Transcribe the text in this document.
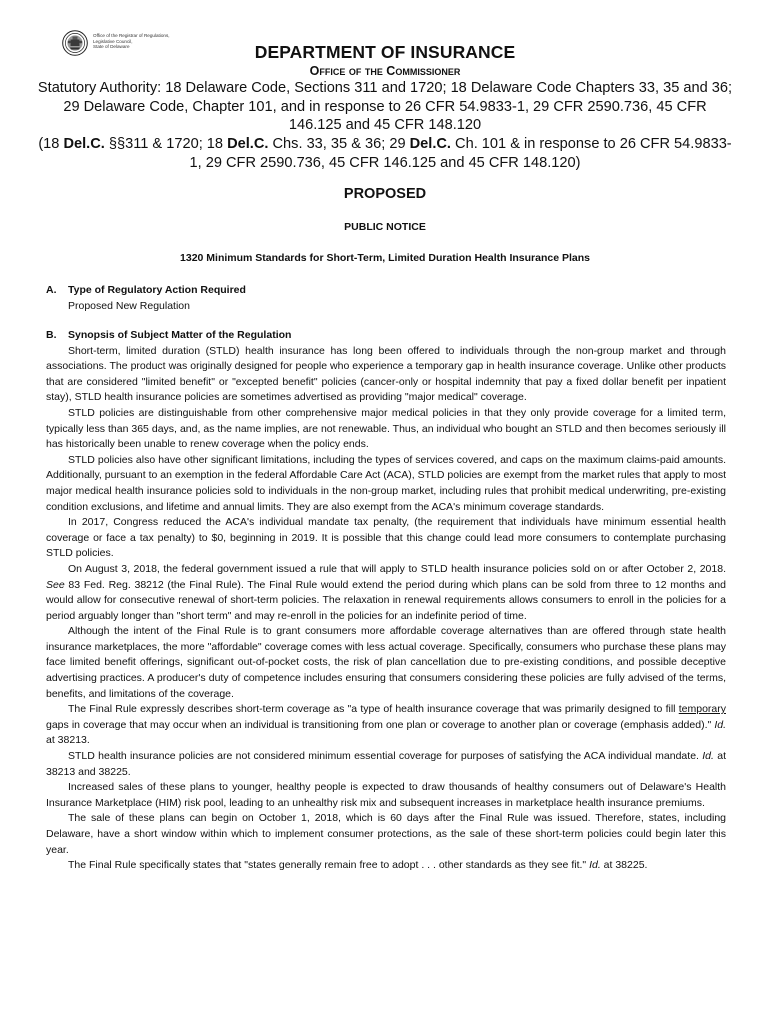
Office of the Registrar of Regulations,
Legislative Council,
State of Delaware	DEPARTMENT OF INSURANCE
Office of the Commissioner
Statutory Authority: 18 Delaware Code, Sections 311 and 1720; 18 Delaware Code Chapters 33, 35 and 36; 29 Delaware Code, Chapter 101, and in response to 26 CFR 54.9833-1, 29 CFR 2590.736, 45 CFR 146.125 and 45 CFR 148.120
(18 Del.C. §§311 & 1720; 18 Del.C. Chs. 33, 35 & 36; 29 Del.C. Ch. 101 & in response to 26 CFR 54.9833-1, 29 CFR 2590.736, 45 CFR 146.125 and 45 CFR 148.120)
PROPOSED
PUBLIC NOTICE
1320 Minimum Standards for Short-Term, Limited Duration Health Insurance Plans
A. Type of Regulatory Action Required
Proposed New Regulation
B. Synopsis of Subject Matter of the Regulation

Short-term, limited duration (STLD) health insurance has long been offered to individuals through the non-group market and through associations. The product was originally designed for people who experience a temporary gap in health insurance coverage. Unlike other products that are considered "limited benefit" or "excepted benefit" policies (cancer-only or hospital indemnity that pay a fixed dollar benefit per inpatient stay), STLD health insurance policies are sometimes advertised as providing "major medical" coverage.

STLD policies are distinguishable from other comprehensive major medical policies in that they only provide coverage for a limited term, typically less than 365 days, and, as the name implies, are not renewable. Thus, an individual who bought an STLD and then becomes seriously ill has historically been unable to renew coverage when the policy ends.

STLD policies also have other significant limitations, including the types of services covered, and caps on the maximum claims-paid amounts. Additionally, pursuant to an exemption in the federal Affordable Care Act (ACA), STLD policies are exempt from the market rules that apply to most major medical health insurance policies sold to individuals in the non-group market, including rules that prohibit medical underwriting, pre-existing condition exclusions, and lifetime and annual limits. They are also exempt from the ACA's minimum coverage standards.

In 2017, Congress reduced the ACA's individual mandate tax penalty, (the requirement that individuals have minimum essential health coverage or face a tax penalty) to $0, beginning in 2019. It is possible that this change could lead more consumers to contemplate purchasing STLD policies.

On August 3, 2018, the federal government issued a rule that will apply to STLD health insurance policies sold on or after October 2, 2018. See 83 Fed. Reg. 38212 (the Final Rule). The Final Rule would extend the period during which plans can be sold from three to 12 months and would allow for consecutive renewal of short-term policies. The relaxation in renewal requirements allows consumers to enroll in the policies for a period arguably longer than "short term" and may re-enroll in the policies for an indefinite period of time.

Although the intent of the Final Rule is to grant consumers more affordable coverage alternatives than are offered through state health insurance marketplaces, the more "affordable" coverage comes with less actual coverage. Specifically, consumers who purchase these plans may face limited benefit offerings, significant out-of-pocket costs, the risk of plan cancellation due to pre-existing conditions, and possible deceptive advertising practices. A producer's duty of competence includes ensuring that consumers considering these policies are fully advised of the terms, benefits, and limitations of the coverage.

The Final Rule expressly describes short-term coverage as "a type of health insurance coverage that was primarily designed to fill temporary gaps in coverage that may occur when an individual is transitioning from one plan or coverage to another plan or coverage (emphasis added)." Id. at 38213.

STLD health insurance policies are not considered minimum essential coverage for purposes of satisfying the ACA individual mandate. Id. at 38213 and 38225.

Increased sales of these plans to younger, healthy people is expected to draw thousands of healthy consumers out of Delaware's Health Insurance Marketplace (HIM) risk pool, leading to an unhealthy risk mix and subsequent increases in marketplace health insurance premiums.

The sale of these plans can begin on October 1, 2018, which is 60 days after the Final Rule was issued. Therefore, states, including Delaware, have a short window within which to implement consumer protections, as the sale of these short-term policies could begin later this year.

The Final Rule specifically states that "states generally remain free to adopt . . . other standards as they see fit." Id. at 38225.
